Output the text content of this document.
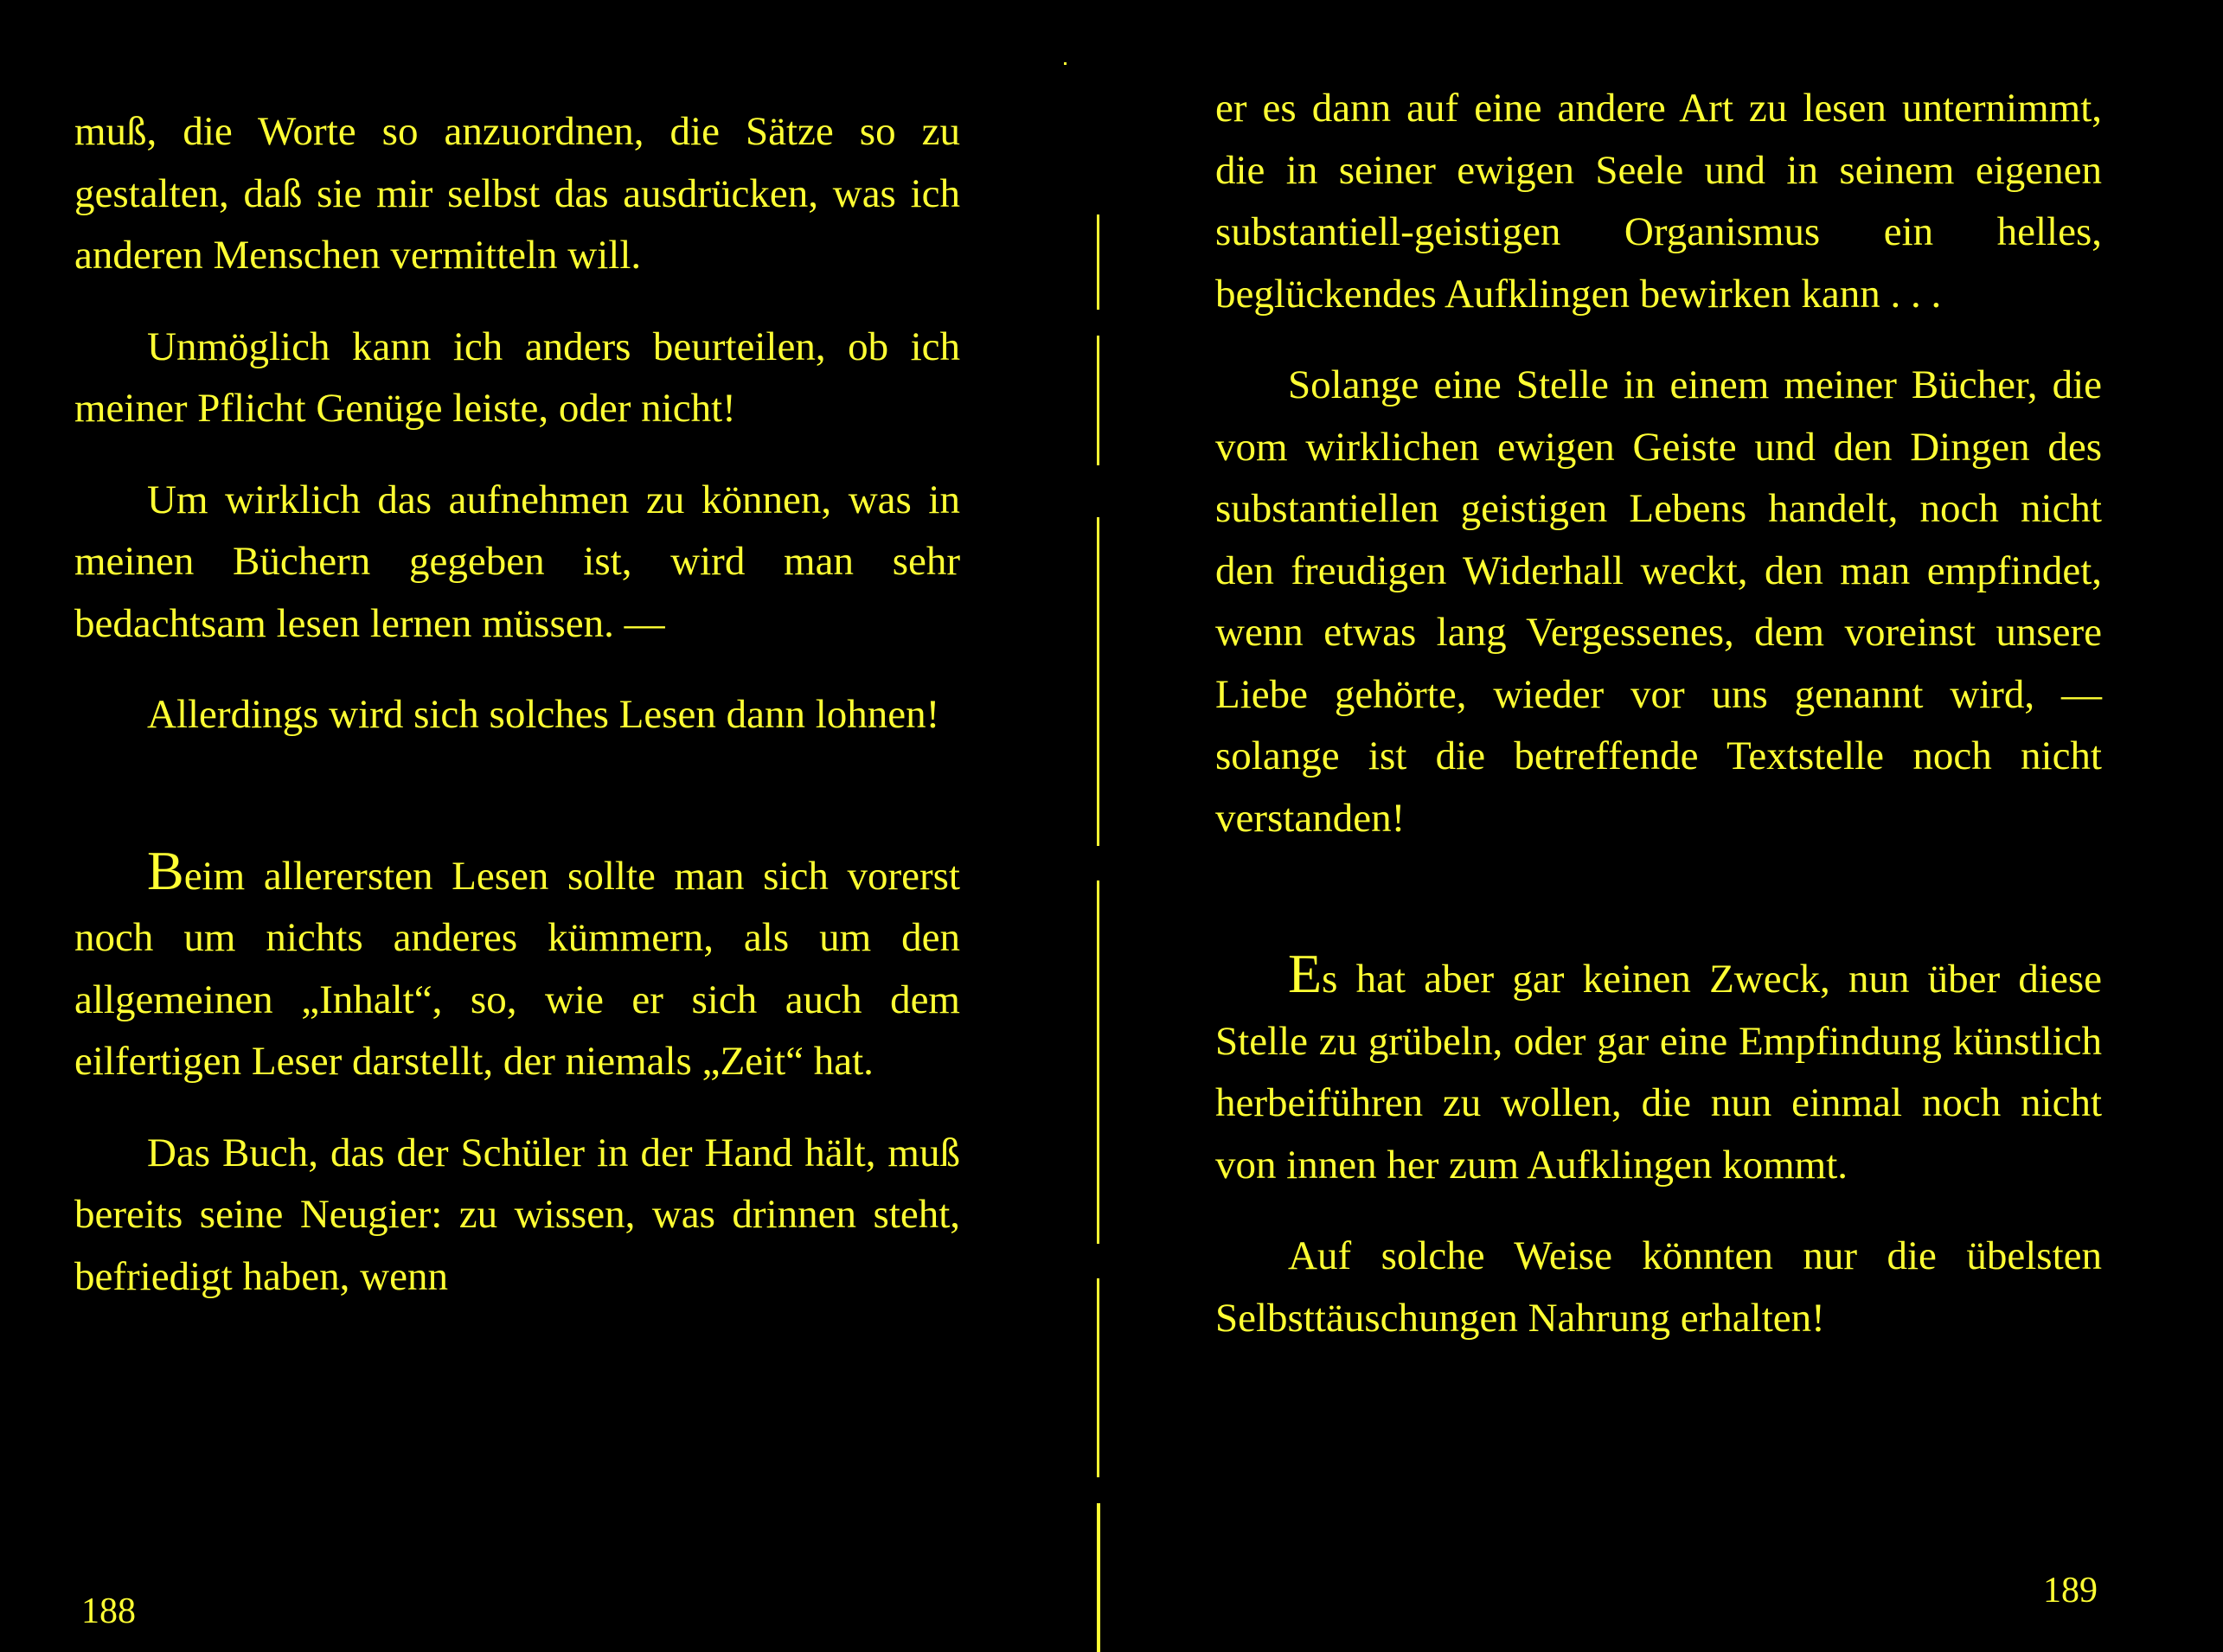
muß, die Worte so anzuordnen, die Sätze so zu gestalten, daß sie mir selbst das ausdrücken, was ich anderen Menschen vermitteln will.

Unmöglich kann ich anders beurteilen, ob ich meiner Pflicht Genüge leiste, oder nicht!

Um wirklich das aufnehmen zu können, was in meinen Büchern gegeben ist, wird man sehr bedachtsam lesen lernen müssen. —

Allerdings wird sich solches Lesen dann lohnen!

Beim allerersten Lesen sollte man sich vorerst noch um nichts anderes kümmern, als um den allgemeinen „Inhalt“, so, wie er sich auch dem eilfertigen Leser darstellt, der niemals „Zeit“ hat.

Das Buch, das der Schüler in der Hand hält, muß bereits seine Neugier: zu wissen, was drinnen steht, befriedigt haben, wenn

188

er es dann auf eine andere Art zu lesen unternimmt, die in seiner ewigen Seele und in seinem eigenen substantiell-geistigen Organismus ein helles, beglückendes Aufklingen bewirken kann . . .

Solange eine Stelle in einem meiner Bücher, die vom wirklichen ewigen Geiste und den Dingen des substantiellen geistigen Lebens handelt, noch nicht den freudigen Widerhall weckt, den man empfindet, wenn etwas lang Vergessenes, dem voreinst unsere Liebe gehörte, wieder vor uns genannt wird, — solange ist die betreffende Textstelle noch nicht verstanden!

Es hat aber gar keinen Zweck, nun über diese Stelle zu grübeln, oder gar eine Empfindung künstlich herbeiführen zu wollen, die nun einmal noch nicht von innen her zum Aufklingen kommt.

Auf solche Weise könnten nur die übelsten Selbsttäuschungen Nahrung erhalten!

189
